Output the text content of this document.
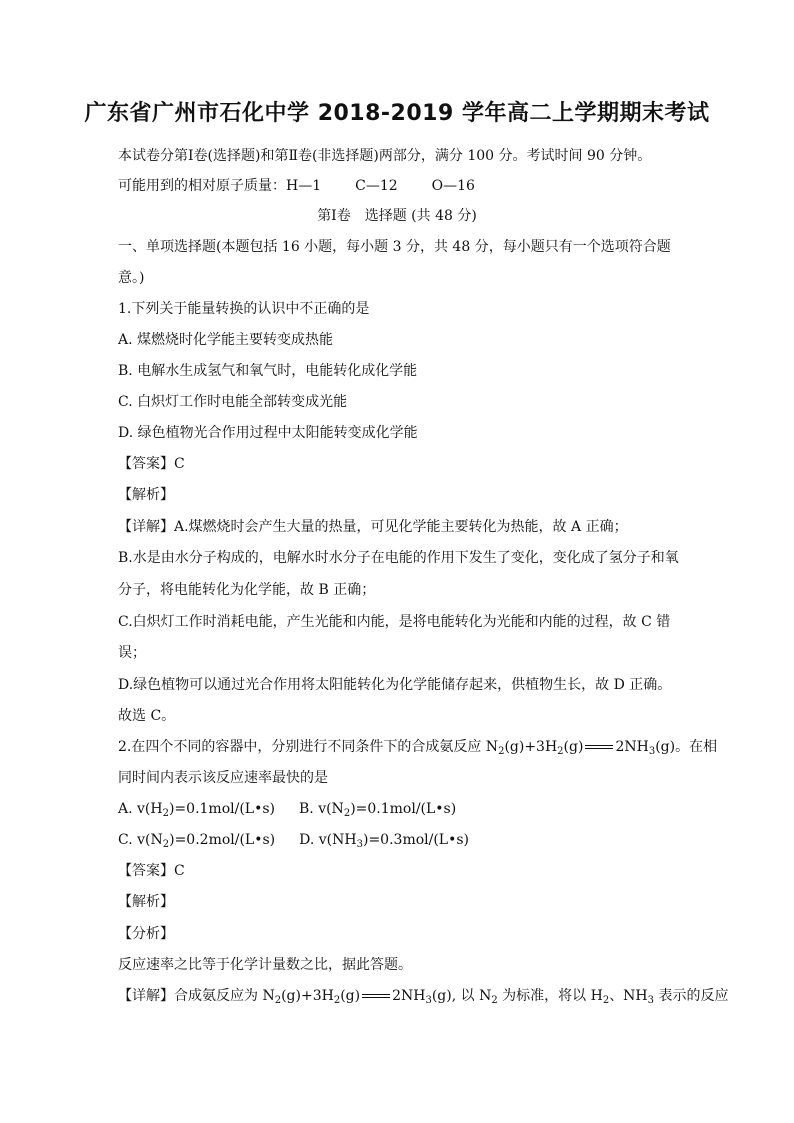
广东省广州市石化中学 2018-2019 学年高二上学期期末考试
本试卷分第Ⅰ卷(选择题)和第Ⅱ卷(非选择题)两部分，满分 100 分。考试时间 90 分钟。
可能用到的相对原子质量：H—1 C—12 O—16
第Ⅰ卷　选择题 (共 48 分)
一、单项选择题(本题包括 16 小题，每小题 3 分，共 48 分，每小题只有一个选项符合题
意。)
1.下列关于能量转换的认识中不正确的是
A. 煤燃烧时化学能主要转变成热能
B. 电解水生成氢气和氧气时，电能转化成化学能
C. 白炽灯工作时电能全部转变成光能
D. 绿色植物光合作用过程中太阳能转变成化学能
【答案】C
【解析】
【详解】A.煤燃烧时会产生大量的热量，可见化学能主要转化为热能，故 A 正确；
B.水是由水分子构成的，电解水时水分子在电能的作用下发生了变化，变化成了氢分子和氧
分子，将电能转化为化学能，故 B 正确；
C.白炽灯工作时消耗电能，产生光能和内能，是将电能转化为光能和内能的过程，故 C 错
误；
D.绿色植物可以通过光合作用将太阳能转化为化学能储存起来，供植物生长，故 D 正确。
故选 C。
2.在四个不同的容器中，分别进行不同条件下的合成氨反应 $N_2(g)+3H_2(g)$ $2NH_3(g)$。在相
同时间内表示该反应速率最快的是
A. $v(H_2)=0.1mol/(L•s)$ B. $v(N_2)=0.1mol/(L•s)$
C. $v(N_2)=0.2mol/(L•s)$ D. $v(NH_3)=0.3mol/(L•s)$
【答案】C
【解析】
【分析】
反应速率之比等于化学计量数之比，据此答题。
【详解】合成氨反应为 $N_2(g)+3H_2(g)$ $2NH_3(g)$, 以 $N_2$ 为标准，将以 $H_2$、$NH_3$ 表示的反应
